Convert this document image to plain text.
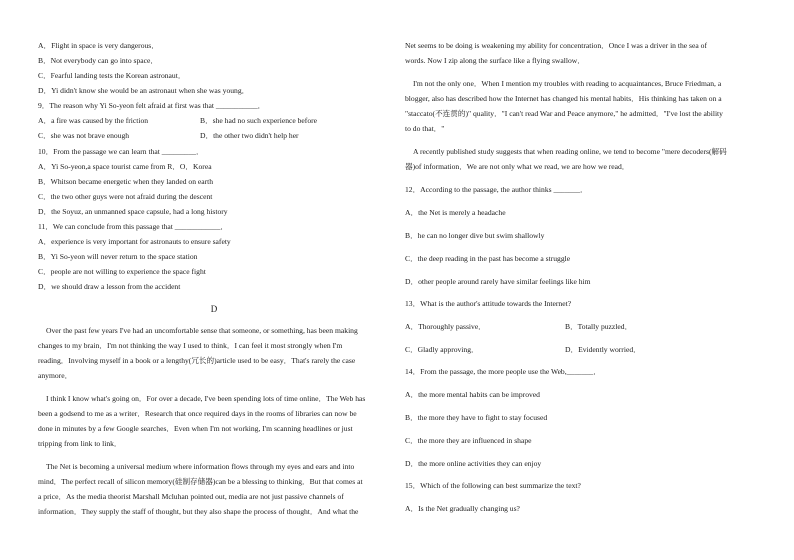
A．Flight in space is very dangerous．
B．Not everybody can go into space．
C．Fearful landing tests the Korean astronaut．
D．Yi didn't know she would be an astronaut when she was young．
9．The reason why Yi So-yeon felt afraid at first was that ___________．
A．a fire was caused by the friction	B．she had no such experience before
C．she was not brave enough	D．the other two didn't help her
10．From the passage we can learn that _________．
A．Yi So-yeon,a space tourist came from R．O．Korea
B．Whitson became energetic when they landed on earth
C．the two other guys were not afraid during the descent
D．the Soyuz, an unmanned space capsule, had a long history
11．We can conclude from this passage that ____________．
A．experience is very important for astronauts to ensure safety
B．Yi So-yeon will never return to the space station
C．people are not willing to experience the space fight
D．we should draw a lesson from the accident
D
Over the past few years I've had an uncomfortable sense that someone, or something, has been making
changes to my brain．I'm not thinking the way I used to think．I can feel it most strongly when I'm
reading．Involving myself in a book or a lengthy(冗长的)article used to be easy．That's rarely the case
anymore．
I think I know what's going on．For over a decade, I've been spending lots of time online．The Web has
been a godsend to me as a writer．Research that once required days in the rooms of libraries can now be
done in minutes by a few Google searches．Even when I'm not working, I'm scanning headlines or just
tripping from link to link．
The Net is becoming a universal medium where information flows through my eyes and ears and into
mind．The perfect recall of silicon memory(硅制存储器)can be a blessing to thinking．But that comes at
a price．As the media theorist Marshall Mcluhan pointed out, media are not just passive channels of
information．They supply the staff of thought, but they also shape the process of thought．And what the
Net seems to be doing is weakening my ability for concentration．Once I was a driver in the sea of
words. Now I zip along the surface like a flying swallow．
I'm not the only one．When I mention my troubles with reading to acquaintances, Bruce Friedman, a
blogger, also has described how the Internet has changed his mental habits．His thinking has taken on a
"staccato(不连贯的)" quality．"I can't read War and Peace anymore," he admitted．"I've lost the ability
to do that．"
A recently published study suggests that when reading online, we tend to become "mere decoders(解码
器)of information．We are not only what we read, we are how we read．
12．According to the passage, the author thinks _______．
A．the Net is merely a headache
B．he can no longer dive but swim shallowly
C．the deep reading in the past has become a struggle
D．other people around rarely have similar feelings like him
13．What is the author's attitude towards the Internet?
A．Thoroughly passive．	B．Totally puzzled．
C．Gladly approving．	D．Evidently worried．
14．From the passage, the more people use the Web,_______．
A．the more mental habits can be improved
B．the more they have to fight to stay focused
C．the more they are influenced in shape
D．the more online activities they can enjoy
15．Which of the following can best summarize the text?
A．Is the Net gradually changing us?
